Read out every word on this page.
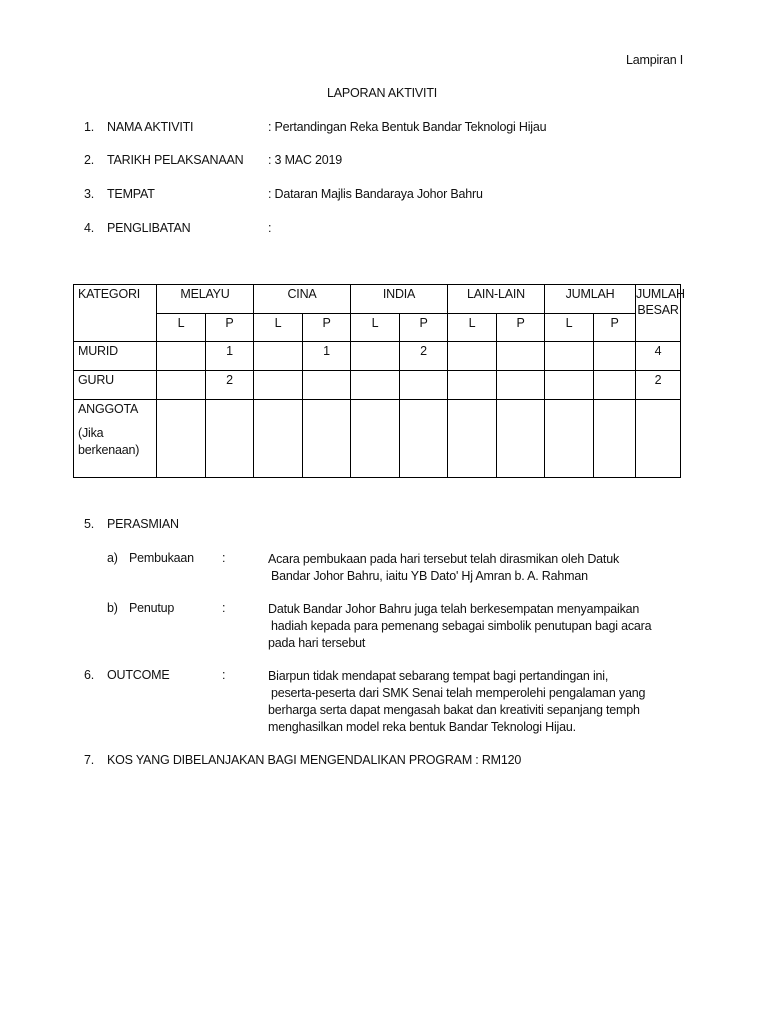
Lampiran I
LAPORAN AKTIVITI
1. NAMA AKTIVITI	: Pertandingan Reka Bentuk Bandar Teknologi Hijau
2. TARIKH PELAKSANAAN : 3 MAC 2019
3. TEMPAT	: Dataran Majlis Bandaraya Johor Bahru
4. PENGLIBATAN	:
KATEGORI	MELAYU		CINA		INDIA		LAIN-LAIN		JUMLAH		JUMLAH
BESAR

	L	P	L	P	L	P	L	P	L	P	

MURID		1		1		2					4

GURU		2									2

ANGGOTA
(Jika
berkenaan)											

5. PERASMIAN
a) Pembukaan :	Acara pembukaan pada hari tersebut telah dirasmikan oleh Datuk
Bandar Johor Bahru, iaitu YB Dato' Hj Amran b. A. Rahman
b) Penutup	:	Datuk Bandar Johor Bahru juga telah berkesempatan menyampaikan
hadiah kepada para pemenang sebagai simbolik penutupan bagi acara
pada hari tersebut
6. OUTCOME	:	Biarpun tidak mendapat sebarang tempat bagi pertandingan ini,
peserta-peserta dari SMK Senai telah memperolehi pengalaman yang
berharga serta dapat mengasah bakat dan kreativiti sepanjang temph
menghasilkan model reka bentuk Bandar Teknologi Hijau.
7. KOS YANG DIBELANJAKAN BAGI MENGENDALIKAN PROGRAM : RM120
